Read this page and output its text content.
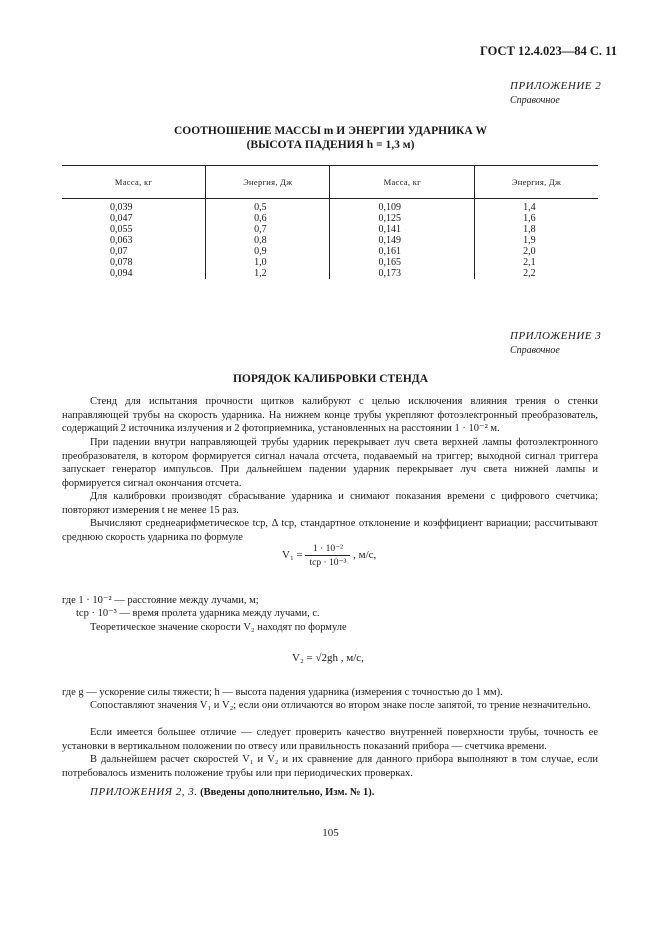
ГОСТ 12.4.023—84 С. 11
ПРИЛОЖЕНИЕ 2
Справочное
СООТНОШЕНИЕ МАССЫ m И ЭНЕРГИИ УДАРНИКА W
(ВЫСОТА ПАДЕНИЯ h = 1,3 м)
Масса, кг	Энергия, Дж	Масса, кг	Энергия, Дж
0,039	0,5	0,109	1,4
0,047	0,6	0,125	1,6
0,055	0,7	0,141	1,8
0,063	0,8	0,149	1,9
0,07	0,9	0,161	2,0
0,078	1,0	0,165	2,1
0,094	1,2	0,173	2,2
ПРИЛОЖЕНИЕ 3
Справочное
ПОРЯДОК КАЛИБРОВКИ СТЕНДА
Стенд для испытания прочности щитков калибруют с целью исключения влияния трения о стенки направляющей трубы на скорость ударника. На нижнем конце трубы укрепляют фотоэлектронный преобразователь, содержащий 2 источника излучения и 2 фотоприемника, установленных на расстоянии 1 · 10⁻² м.
При падении внутри направляющей трубы ударник перекрывает луч света верхней лампы фотоэлектронного преобразователя, в котором формируется сигнал начала отсчета, подаваемый на триггер; выходной сигнал триггера запускает генератор импульсов. При дальнейшем падении ударник перекрывает луч света нижней лампы и формируется сигнал окончания отсчета.
Для калибровки производят сбрасывание ударника и снимают показания времени с цифрового счетчика; повторяют измерения t не менее 15 раз.
Вычисляют среднеарифметическое tср, Δ tср, стандартное отклонение и коэффициент вариации; рассчитывают среднюю скорость ударника по формуле
$V_1 = \frac{\text{1 · 10⁻²}}{\text{tср · 10⁻³}}$ , м/с,
где 1 · 10⁻² — расстояние между лучами, м;
tср · 10⁻³ — время пролета ударника между лучами, с.
Теоретическое значение скорости V₂ находят по формуле
V₂ = √2gh , м/с,
где g — ускорение силы тяжести; h — высота падения ударника (измерения с точностью до 1 мм).
Сопоставляют значения V₁ и V₂; если они отличаются во втором знаке после запятой, то трение незначительно.
Если имеется большее отличие — следует проверить качество внутренней поверхности трубы, точность ее установки в вертикальном положении по отвесу или правильность показаний прибора — счетчика времени.
В дальнейшем расчет скоростей V₁ и V₂ и их сравнение для данного прибора выполняют в том случае, если потребовалось изменить положение трубы или при периодических проверках.
ПРИЛОЖЕНИЯ 2, 3. (Введены дополнительно, Изм. № 1).
105
